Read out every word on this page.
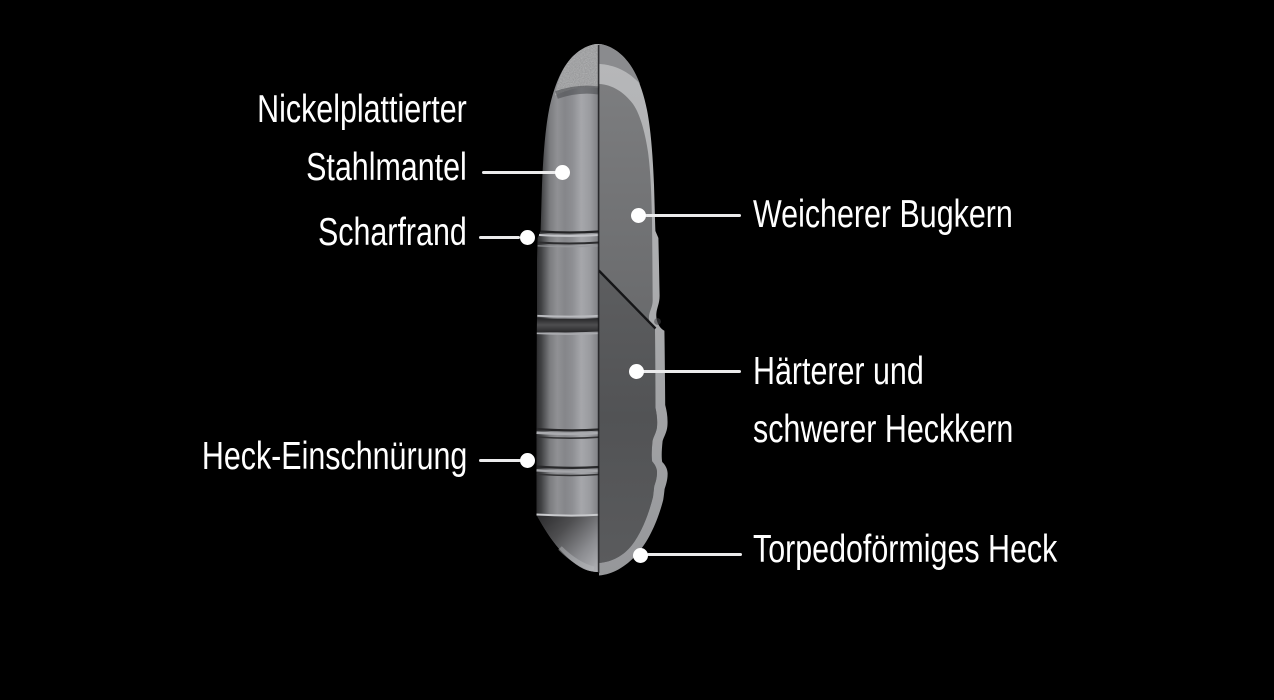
Nickelplattierter
Stahlmantel
Scharfrand
Heck-Einschnürung
Weicherer Bugkern
Härterer und
schwerer Heckkern
Torpedoförmiges Heck
